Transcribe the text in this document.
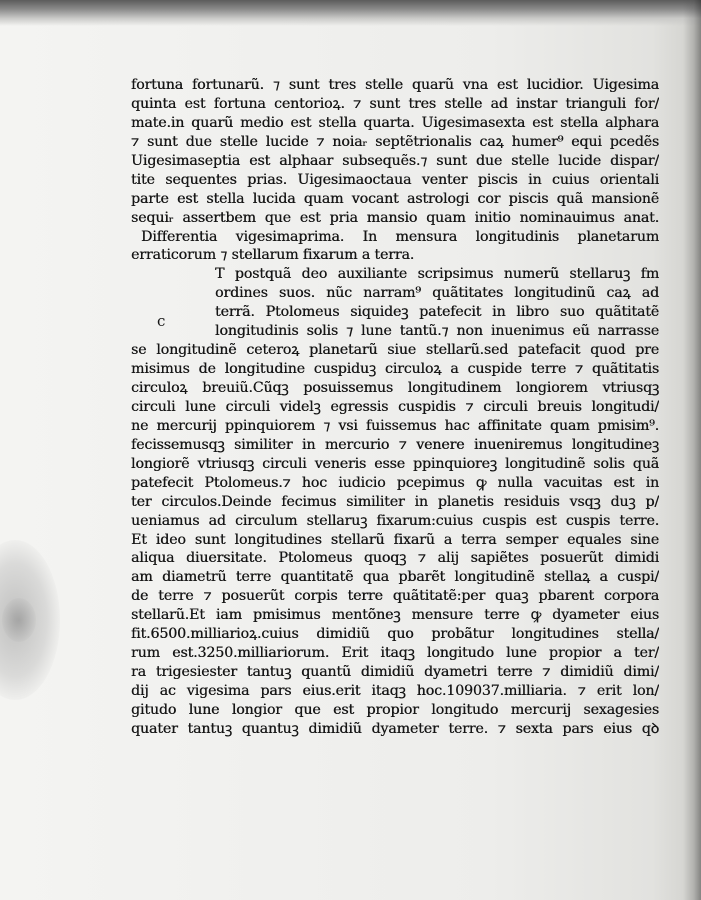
c
fortuna fortunarũ. ⁊ sunt tres stelle quarũ vna est lucidior. Uigesima
quinta est fortuna centorioꝝ. ⁊ sunt tres stelle ad instar trianguli for/
mate.in quarũ medio est stella quarta. Uigesimasexta est stella alphara
⁊ sunt due stelle lucide ⁊ noiaᵣ septẽtrionalis caꝝ humer⁹ equi pcedẽs
Uigesimaseptia est alphaar subsequẽs.⁊ sunt due stelle lucide dispar/
tite sequentes prias. Uigesimaoctaua venter piscis in cuius orientali
parte est stella lucida quam vocant astrologi cor piscis quã mansionẽ
sequiᵣ assertbem que est pria mansio quam initio nominauimus anat.
Differentia vigesimaprima. In mensura longitudinis planetarum
erraticorum ⁊ stellarum fixarum a terra.
T postquã deo auxiliante scripsimus numerũ stellaruꝫ fm
ordines suos. nũc narram⁹ quãtitates longitudinũ caꝝ ad
terrã. Ptolomeus siquideꝫ patefecit in libro suo quãtitatẽ
longitudinis solis ⁊ lune tantũ.⁊ non inuenimus eũ narrasse
se longitudinẽ ceteroꝝ planetarũ siue stellarũ.sed patefacit quod pre
misimus de longitudine cuspiduꝫ circuloꝝ a cuspide terre ⁊ quãtitatis
circuloꝝ breuiũ.Cũqꝫ posuissemus longitudinem longiorem vtriusqꝫ
circuli lune circuli videlꝫ egressis cuspidis ⁊ circuli breuis longitudi/
ne mercurij ppinquiorem ⁊ vsi fuissemus hac affinitate quam pmisim⁹.
fecissemusqꝫ similiter in mercurio ⁊ venere inueniremus longitudineꝫ
longiorẽ vtriusqꝫ circuli veneris esse ppinquioreꝫ longitudinẽ solis quã
patefecit Ptolomeus.⁊ hoc iudicio pcepimus ꝙ nulla vacuitas est in
ter circulos.Deinde fecimus similiter in planetis residuis vsqꝫ duꝫ p/
ueniamus ad circulum stellaruꝫ fixarum:cuius cuspis est cuspis terre.
Et ideo sunt longitudines stellarũ fixarũ a terra semper equales sine
aliqua diuersitate. Ptolomeus quoqꝫ ⁊ alij sapiẽtes posuerũt dimidi
am diametrũ terre quantitatẽ qua pbarẽt longitudinẽ stellaꝝ a cuspi/
de terre ⁊ posuerũt corpis terre quãtitatẽ:per quaꝫ pbarent corpora
stellarũ.Et iam pmisimus mentõneꝫ mensure terre ꝙ dyameter eius
fit.6500.milliarioꝝ.cuius dimidiũ quo probãtur longitudines stella/
rum est.3250.milliariorum. Erit itaqꝫ longitudo lune propior a ter/
ra trigesiester tantuꝫ quantũ dimidiũ dyametri terre ⁊ dimidiũ dimi/
dij ac vigesima pars eius.erit itaqꝫ hoc.109037.milliaria. ⁊ erit lon/
gitudo lune longior que est propior longitudo mercurij sexagesies
quater tantuꝫ quantuꝫ dimidiũ dyameter terre. ⁊ sexta pars eius qꝺ
